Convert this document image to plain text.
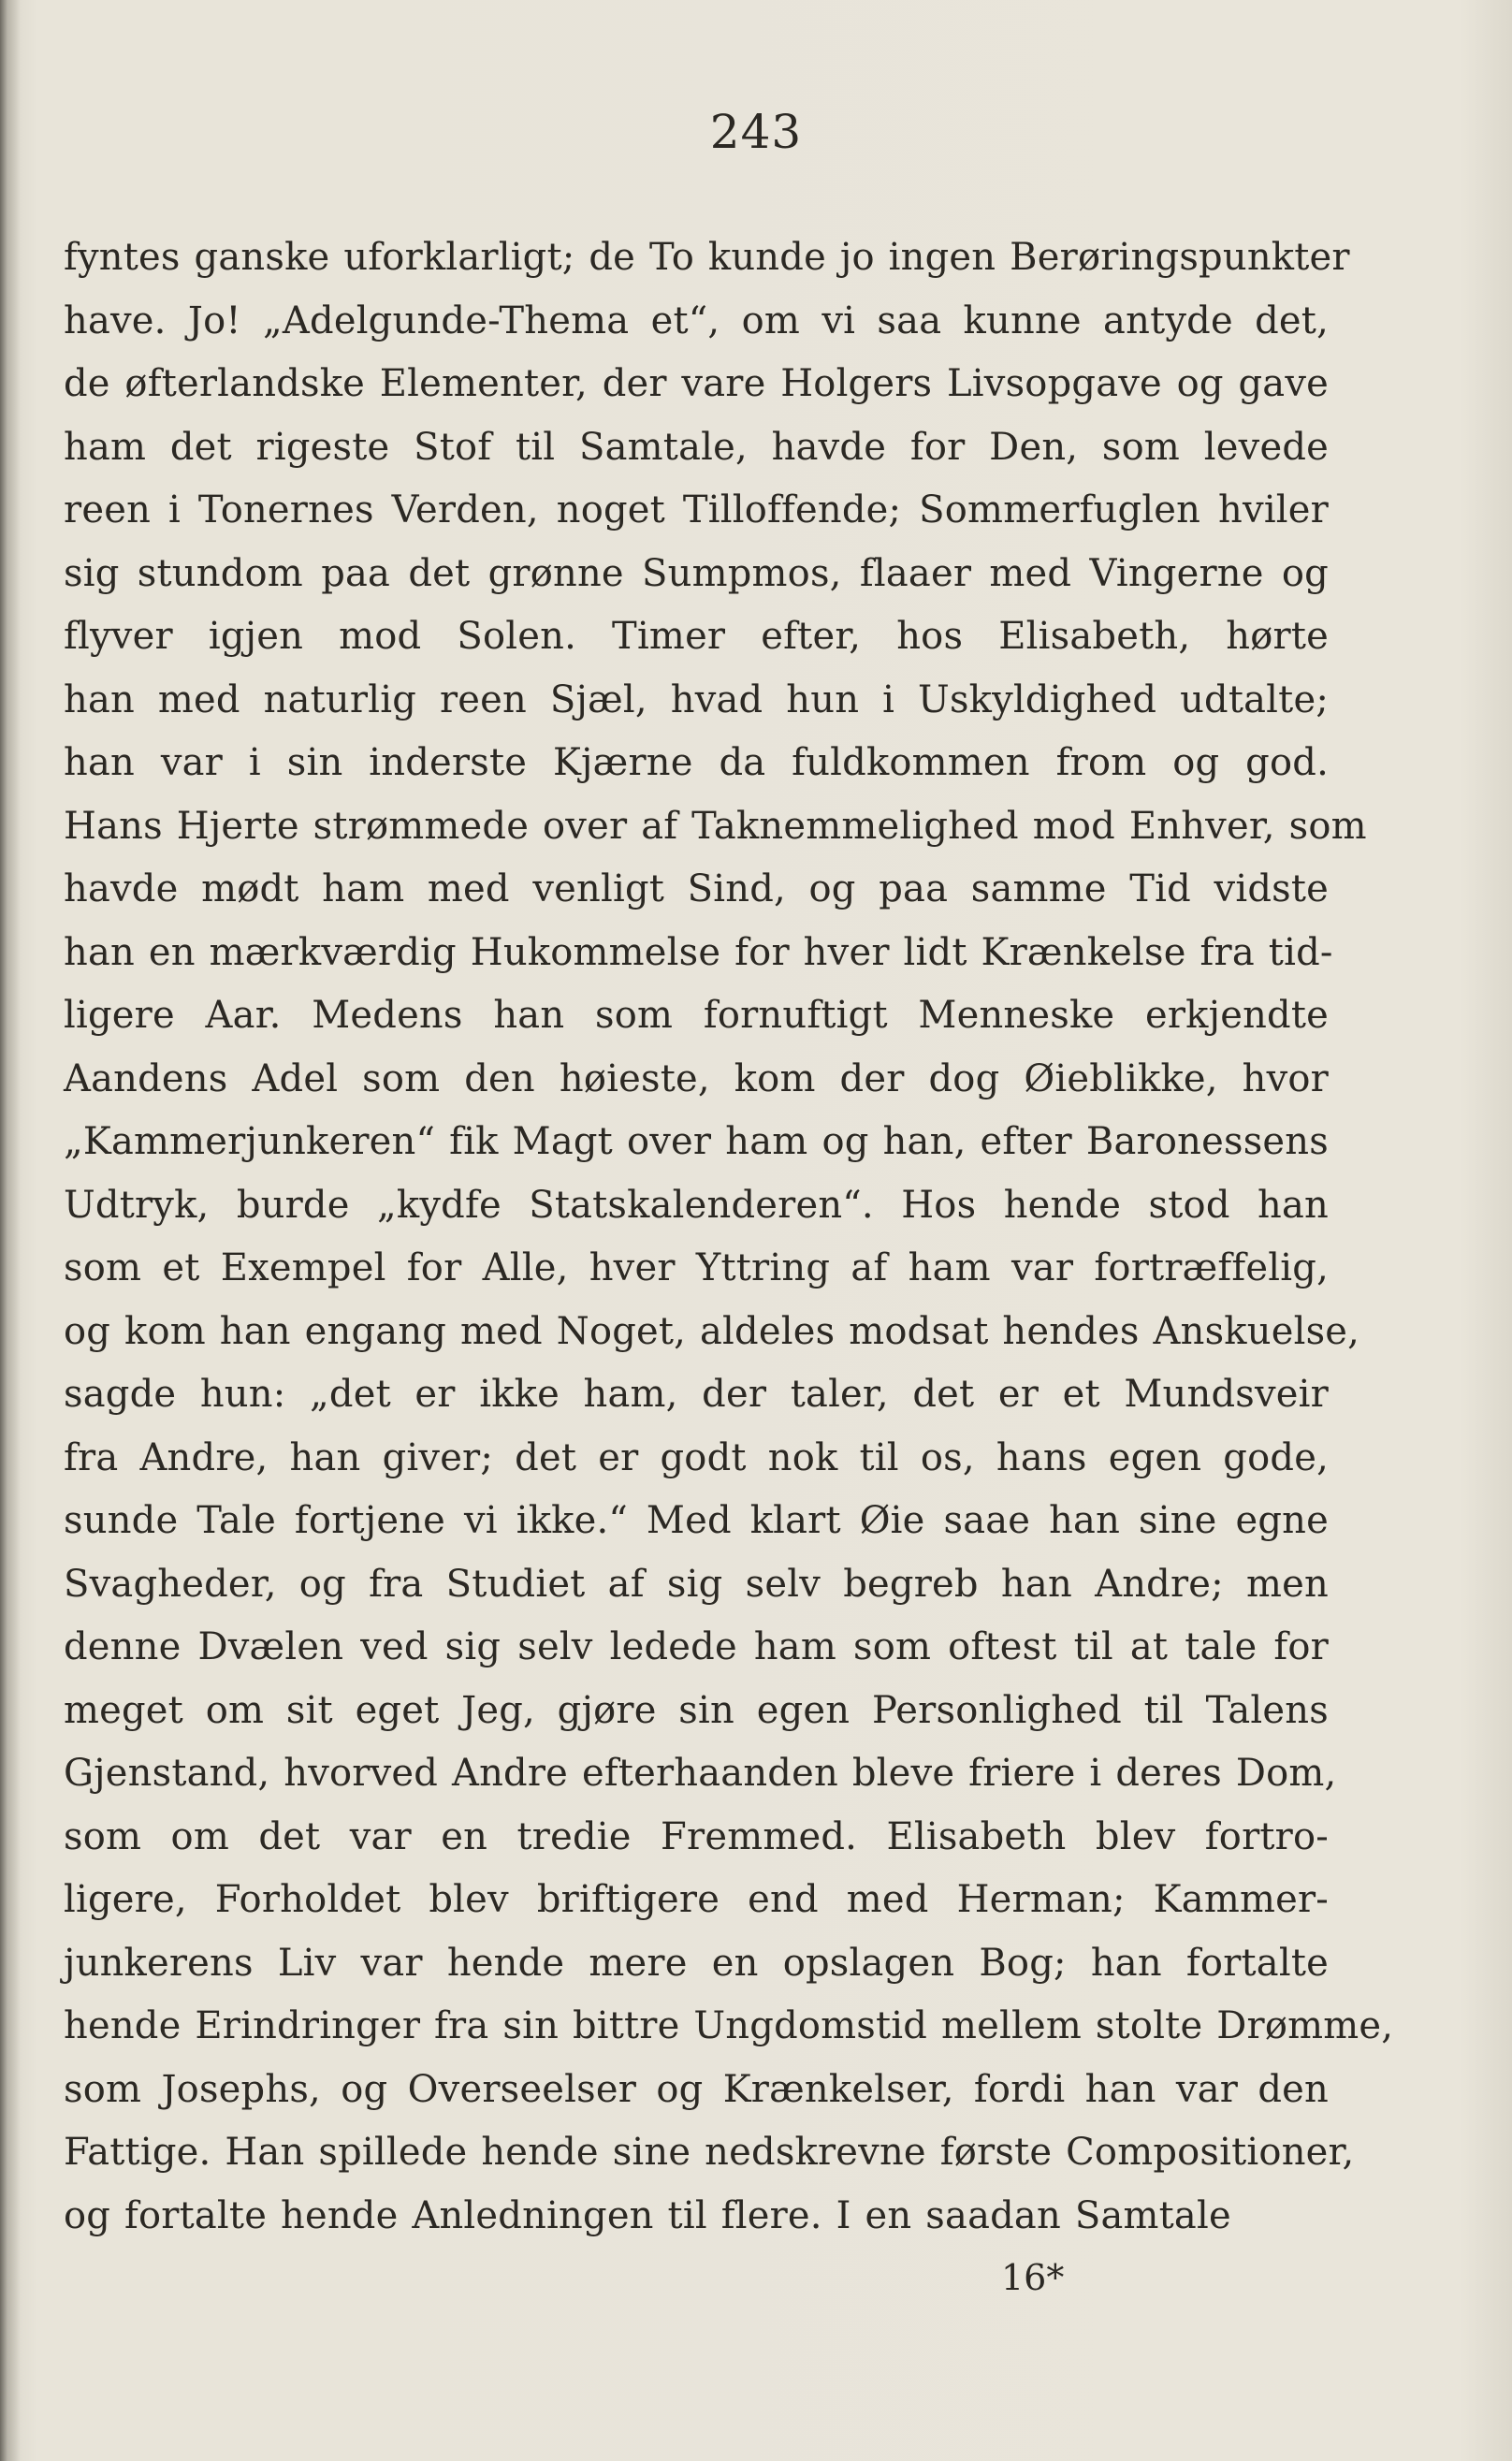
243
fyntes ganske uforklarligt; de To kunde jo ingen Berøringspunkter
have. Jo! „Adelgunde-Thema et“, om vi saa kunne antyde det,
de øfterlandske Elementer, der vare Holgers Livsopgave og gave
ham det rigeste Stof til Samtale, havde for Den, som levede
reen i Tonernes Verden, noget Tilloffende; Sommerfuglen hviler
sig stundom paa det grønne Sumpmos, flaaer med Vingerne og
flyver igjen mod Solen. Timer efter, hos Elisabeth, hørte
han med naturlig reen Sjæl, hvad hun i Uskyldighed udtalte;
han var i sin inderste Kjærne da fuldkommen from og god.
Hans Hjerte strømmede over af Taknemmelighed mod Enhver, som
havde mødt ham med venligt Sind, og paa samme Tid vidste
han en mærkværdig Hukommelse for hver lidt Krænkelse fra tid-
ligere Aar. Medens han som fornuftigt Menneske erkjendte
Aandens Adel som den høieste, kom der dog Øieblikke, hvor
„Kammerjunkeren“ fik Magt over ham og han, efter Baronessens
Udtryk, burde „kydfe Statskalenderen“. Hos hende stod han
som et Exempel for Alle, hver Yttring af ham var fortræffelig,
og kom han engang med Noget, aldeles modsat hendes Anskuelse,
sagde hun: „det er ikke ham, der taler, det er et Mundsveir
fra Andre, han giver; det er godt nok til os, hans egen gode,
sunde Tale fortjene vi ikke.“ Med klart Øie saae han sine egne
Svagheder, og fra Studiet af sig selv begreb han Andre; men
denne Dvælen ved sig selv ledede ham som oftest til at tale for
meget om sit eget Jeg, gjøre sin egen Personlighed til Talens
Gjenstand, hvorved Andre efterhaanden bleve friere i deres Dom,
som om det var en tredie Fremmed. Elisabeth blev fortro-
ligere, Forholdet blev briftigere end med Herman; Kammer-
junkerens Liv var hende mere en opslagen Bog; han fortalte
hende Erindringer fra sin bittre Ungdomstid mellem stolte Drømme,
som Josephs, og Overseelser og Krænkelser, fordi han var den
Fattige. Han spillede hende sine nedskrevne første Compositioner,
og fortalte hende Anledningen til flere. I en saadan Samtale
16*
